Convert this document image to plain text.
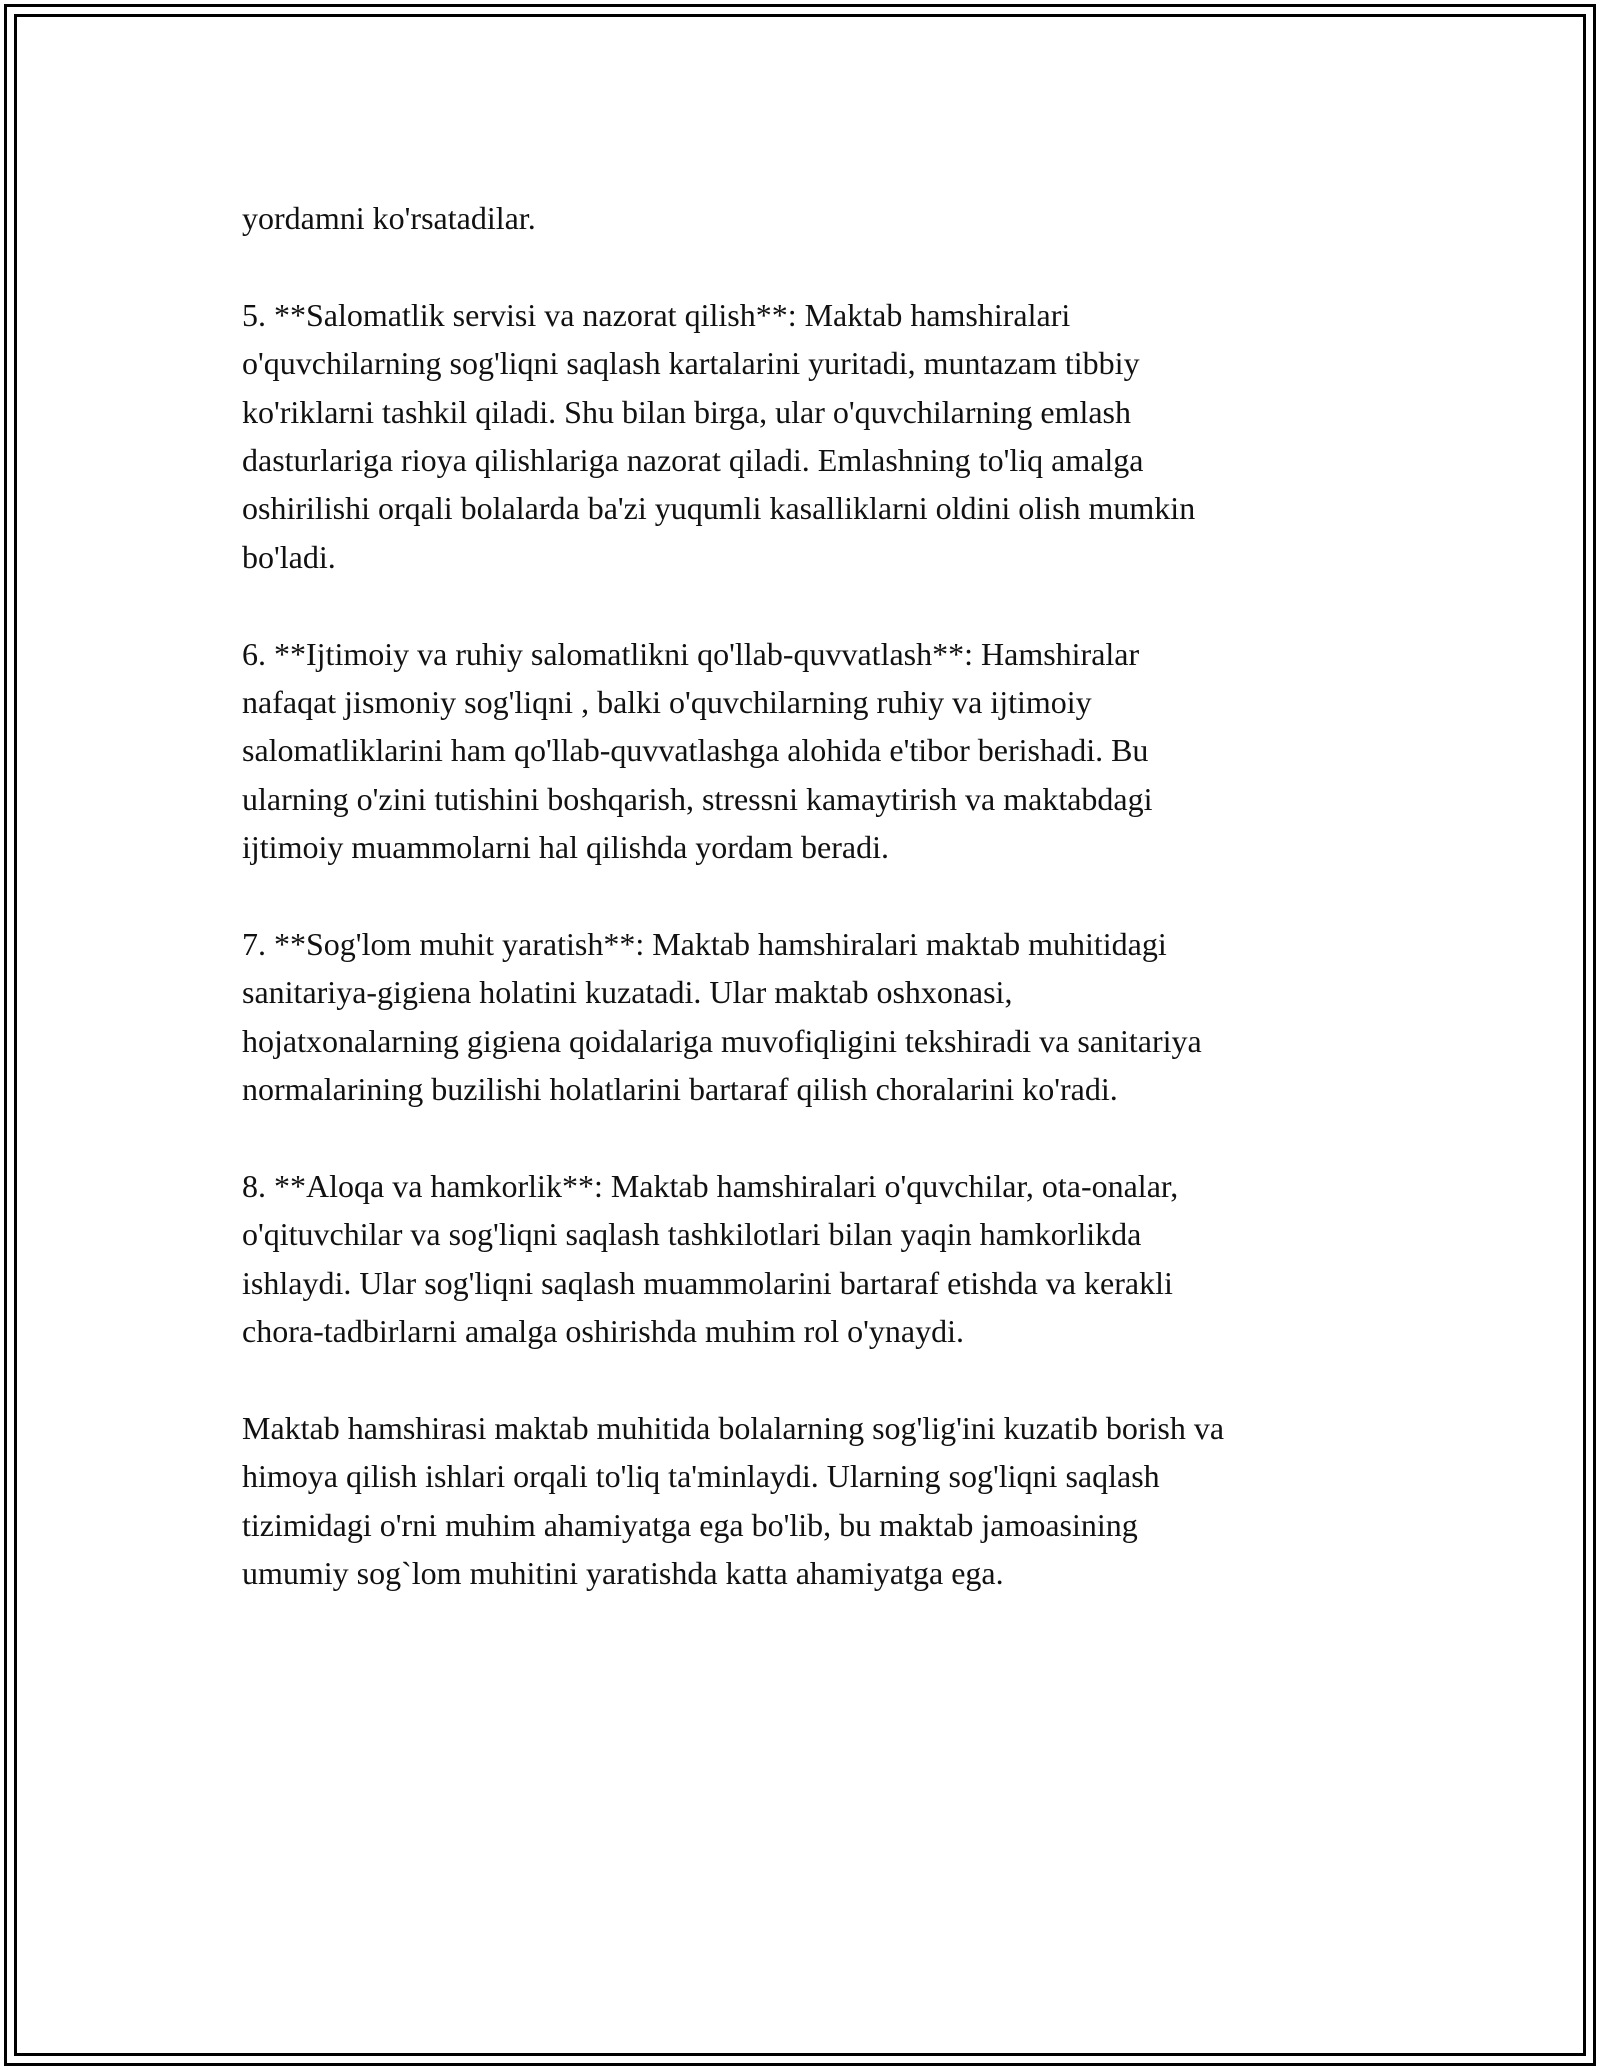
yordamni ko'rsatadilar.

5. **Salomatlik servisi va nazorat qilish**: Maktab hamshiralari
o'quvchilarning sog'liqni saqlash kartalarini yuritadi, muntazam tibbiy
ko'riklarni tashkil qiladi. Shu bilan birga, ular o'quvchilarning emlash
dasturlariga rioya qilishlariga nazorat qiladi. Emlashning to'liq amalga
oshirilishi orqali bolalarda ba'zi yuqumli kasalliklarni oldini olish mumkin
bo'ladi.

6. **Ijtimoiy va ruhiy salomatlikni qo'llab-quvvatlash**: Hamshiralar
nafaqat jismoniy sog'liqni , balki o'quvchilarning ruhiy va ijtimoiy
salomatliklarini ham qo'llab-quvvatlashga alohida e'tibor berishadi. Bu
ularning o'zini tutishini boshqarish, stressni kamaytirish va maktabdagi
ijtimoiy muammolarni hal qilishda yordam beradi.

7. **Sog'lom muhit yaratish**: Maktab hamshiralari maktab muhitidagi
sanitariya-gigiena holatini kuzatadi. Ular maktab oshxonasi,
hojatxonalarning gigiena qoidalariga muvofiqligini tekshiradi va sanitariya
normalarining buzilishi holatlarini bartaraf qilish choralarini ko'radi.

8. **Aloqa va hamkorlik**: Maktab hamshiralari o'quvchilar, ota-onalar,
o'qituvchilar va sog'liqni saqlash tashkilotlari bilan yaqin hamkorlikda
ishlaydi. Ular sog'liqni saqlash muammolarini bartaraf etishda va kerakli
chora-tadbirlarni amalga oshirishda muhim rol o'ynaydi.

Maktab hamshirasi maktab muhitida bolalarning sog'lig'ini kuzatib borish va
himoya qilish ishlari orqali to'liq ta'minlaydi. Ularning sog'liqni saqlash
tizimidagi o'rni muhim ahamiyatga ega bo'lib, bu maktab jamoasining
umumiy sog`lom muhitini yaratishda katta ahamiyatga ega.
